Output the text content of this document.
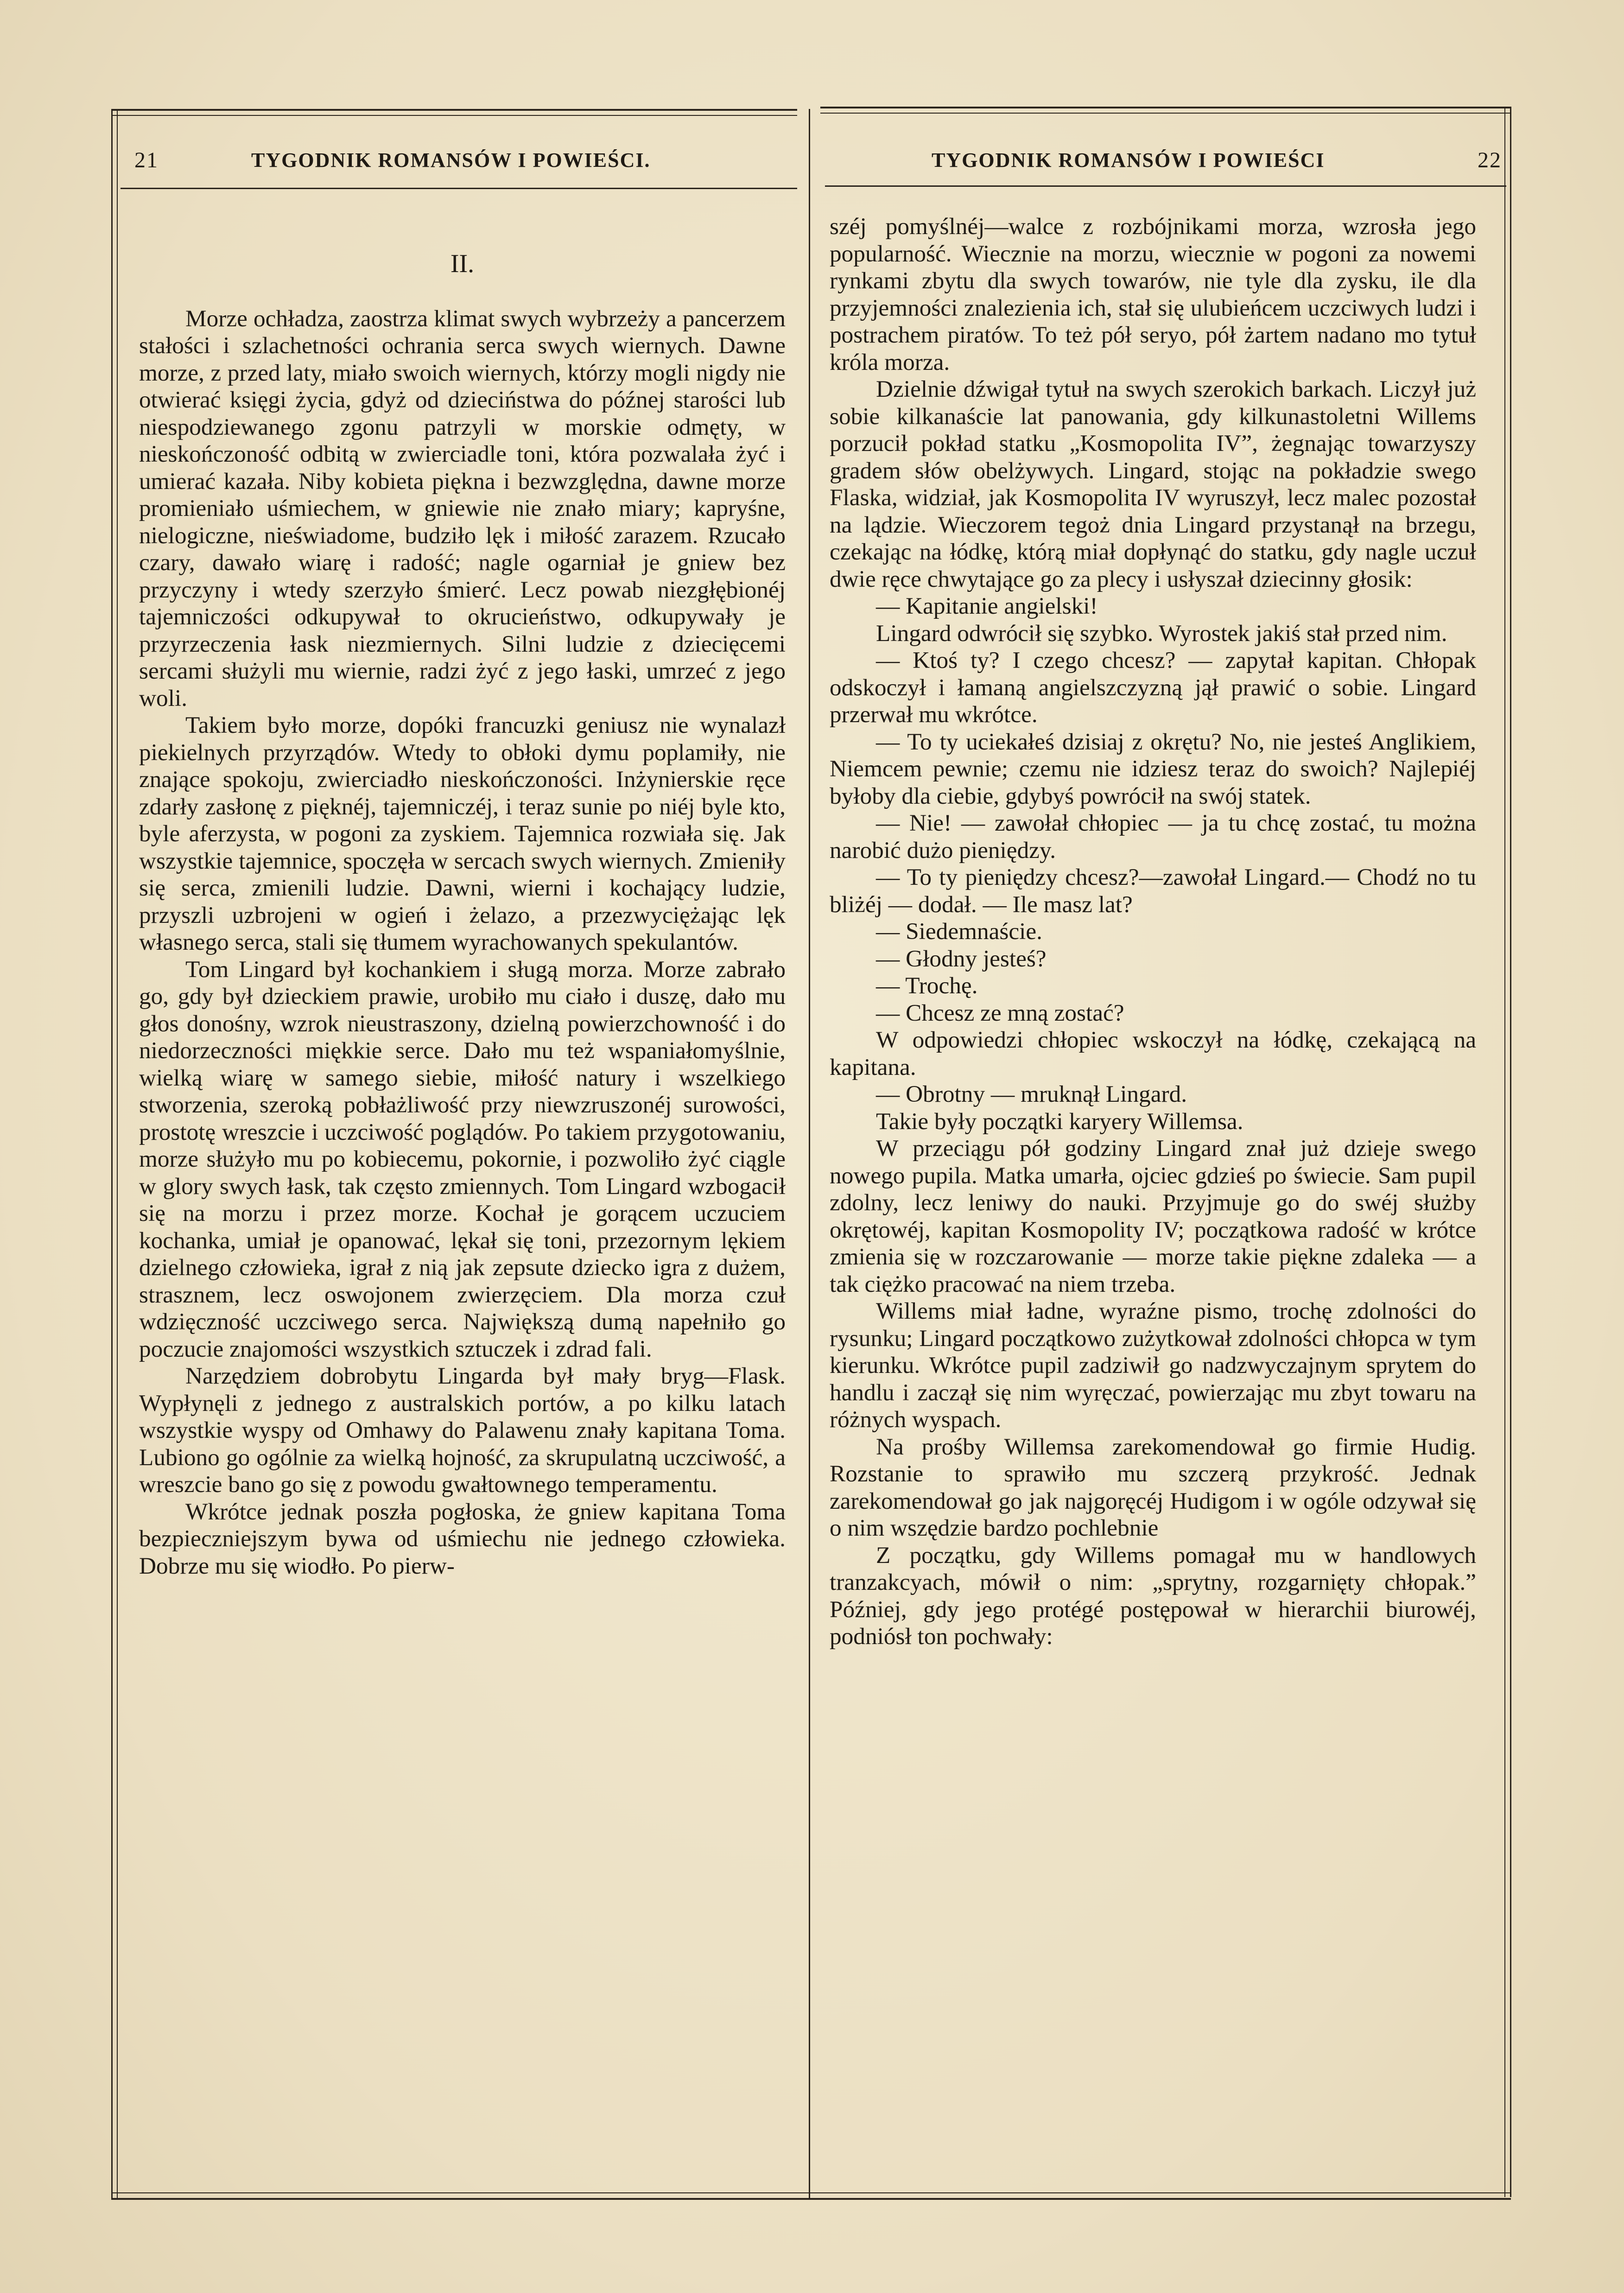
21	TYGODNIK ROMANSÓW I POWIEŚCI.	TYGODNIK ROMANSÓW I POWIEŚCI	22
II.

Morze ochładza, zaostrza klimat swych wybrzeży a pancerzem stałości i szlachetności ochrania serca swych wiernych. Dawne morze, z przed laty, miało swoich wiernych, którzy mogli nigdy nie otwierać księgi życia, gdyż od dzieciństwa do późnej starości lub niespodziewanego zgonu patrzyli w morskie odmęty, w nieskończoność odbitą w zwierciadle toni, która pozwalała żyć i umierać kazała. Niby kobieta piękna i bezwzględna, dawne morze promieniało uśmiechem, w gniewie nie znało miary; kapryśne, nielogiczne, nieświadome, budziło lęk i miłość zarazem. Rzucało czary, dawało wiarę i radość; nagle ogarniał je gniew bez przyczyny i wtedy szerzyło śmierć. Lecz powab niezgłębionéj tajemniczości odkupywał to okrucieństwo, odkupywały je przyrzeczenia łask niezmiernych. Silni ludzie z dziecięcemi sercami służyli mu wiernie, radzi żyć z jego łaski, umrzeć z jego woli.

Takiem było morze, dopóki francuzki geniusz nie wynalazł piekielnych przyrządów. Wtedy to obłoki dymu poplamiły, nie znające spokoju, zwierciadło nieskończoności. Inżynierskie ręce zdarły zasłonę z pięknéj, tajemniczéj, i teraz sunie po niéj byle kto, byle aferzysta, w pogoni za zyskiem. Tajemnica rozwiała się. Jak wszystkie tajemnice, spoczęła w sercach swych wiernych. Zmieniły się serca, zmienili ludzie. Dawni, wierni i kochający ludzie, przyszli uzbrojeni w ogień i żelazo, a przezwyciężając lęk własnego serca, stali się tłumem wyrachowanych spekulantów.

Tom Lingard był kochankiem i sługą morza. Morze zabrało go, gdy był dzieckiem prawie, urobiło mu ciało i duszę, dało mu głos donośny, wzrok nieustraszony, dzielną powierzchowność i do niedorzeczności miękkie serce. Dało mu też wspaniałomyślnie, wielką wiarę w samego siebie, miłość natury i wszelkiego stworzenia, szeroką pobłażliwość przy niewzruszonéj surowości, prostotę wreszcie i uczciwość poglądów. Po takiem przygotowaniu, morze służyło mu po kobiecemu, pokornie, i pozwoliło żyć ciągle w glory swych łask, tak często zmiennych. Tom Lingard wzbogacił się na morzu i przez morze. Kochał je gorącem uczuciem kochanka, umiał je opanować, lękał się toni, przezornym lękiem dzielnego człowieka, igrał z nią jak zepsute dziecko igra z dużem, strasznem, lecz oswojonem zwierzęciem. Dla morza czuł wdzięczność uczciwego serca. Największą dumą napełniło go poczucie znajomości wszystkich sztuczek i zdrad fali.

Narzędziem dobrobytu Lingarda był mały bryg—Flask. Wypłynęli z jednego z australskich portów, a po kilku latach wszystkie wyspy od Omhawy do Palawenu znały kapitana Toma. Lubiono go ogólnie za wielką hojność, za skrupulatną uczciwość, a wreszcie bano go się z powodu gwałtownego temperamentu.

Wkrótce jednak poszła pogłoska, że gniew kapitana Toma bezpieczniejszym bywa od uśmiechu nie jednego człowieka. Dobrze mu się wiodło. Po pierw-

széj pomyślnéj—walce z rozbójnikami morza, wzrosła jego popularność. Wiecznie na morzu, wiecznie w pogoni za nowemi rynkami zbytu dla swych towarów, nie tyle dla zysku, ile dla przyjemności znalezienia ich, stał się ulubieńcem uczciwych ludzi i postrachem piratów. To też pół seryo, pół żartem nadano mo tytuł króla morza.

Dzielnie dźwigał tytuł na swych szerokich barkach. Liczył już sobie kilkanaście lat panowania, gdy kilkunastoletni Willems porzucił pokład statku „Kosmopolita IV”, żegnając towarzyszy gradem słów obelżywych. Lingard, stojąc na pokładzie swego Flaska, widział, jak Kosmopolita IV wyruszył, lecz malec pozostał na lądzie. Wieczorem tegoż dnia Lingard przystanął na brzegu, czekając na łódkę, którą miał dopłynąć do statku, gdy nagle uczuł dwie ręce chwytające go za plecy i usłyszał dziecinny głosik:

— Kapitanie angielski!

Lingard odwrócił się szybko. Wyrostek jakiś stał przed nim.

— Ktoś ty? I czego chcesz? — zapytał kapitan. Chłopak odskoczył i łamaną angielszczyzną jął prawić o sobie. Lingard przerwał mu wkrótce.

— To ty uciekałeś dzisiaj z okrętu? No, nie jesteś Anglikiem, Niemcem pewnie; czemu nie idziesz teraz do swoich? Najlepiéj byłoby dla ciebie, gdybyś powrócił na swój statek.

— Nie! — zawołał chłopiec — ja tu chcę zostać, tu można narobić dużo pieniędzy.

— To ty pieniędzy chcesz?—zawołał Lingard.— Chodź no tu bliżéj — dodał. — Ile masz lat?

— Siedemnaście.

— Głodny jesteś?

— Trochę.

— Chcesz ze mną zostać?

W odpowiedzi chłopiec wskoczył na łódkę, czekającą na kapitana.

— Obrotny — mruknął Lingard.

Takie były początki karyery Willemsa.

W przeciągu pół godziny Lingard znał już dzieje swego nowego pupila. Matka umarła, ojciec gdzieś po świecie. Sam pupil zdolny, lecz leniwy do nauki. Przyjmuje go do swéj służby okrętowéj, kapitan Kosmopolity IV; początkowa radość w krótce zmienia się w rozczarowanie — morze takie piękne zdaleka — a tak ciężko pracować na niem trzeba.

Willems miał ładne, wyraźne pismo, trochę zdolności do rysunku; Lingard początkowo zużytkował zdolności chłopca w tym kierunku. Wkrótce pupil zadziwił go nadzwyczajnym sprytem do handlu i zaczął się nim wyręczać, powierzając mu zbyt towaru na różnych wyspach.

Na prośby Willemsa zarekomendował go firmie Hudig. Rozstanie to sprawiło mu szczerą przykrość. Jednak zarekomendował go jak najgoręcéj Hudigom i w ogóle odzywał się o nim wszędzie bardzo pochlebnie

Z początku, gdy Willems pomagał mu w handlowych tranzakcyach, mówił o nim: „sprytny, rozgarnięty chłopak.” Później, gdy jego protégé postępował w hierarchii biurowéj, podniósł ton pochwały:
